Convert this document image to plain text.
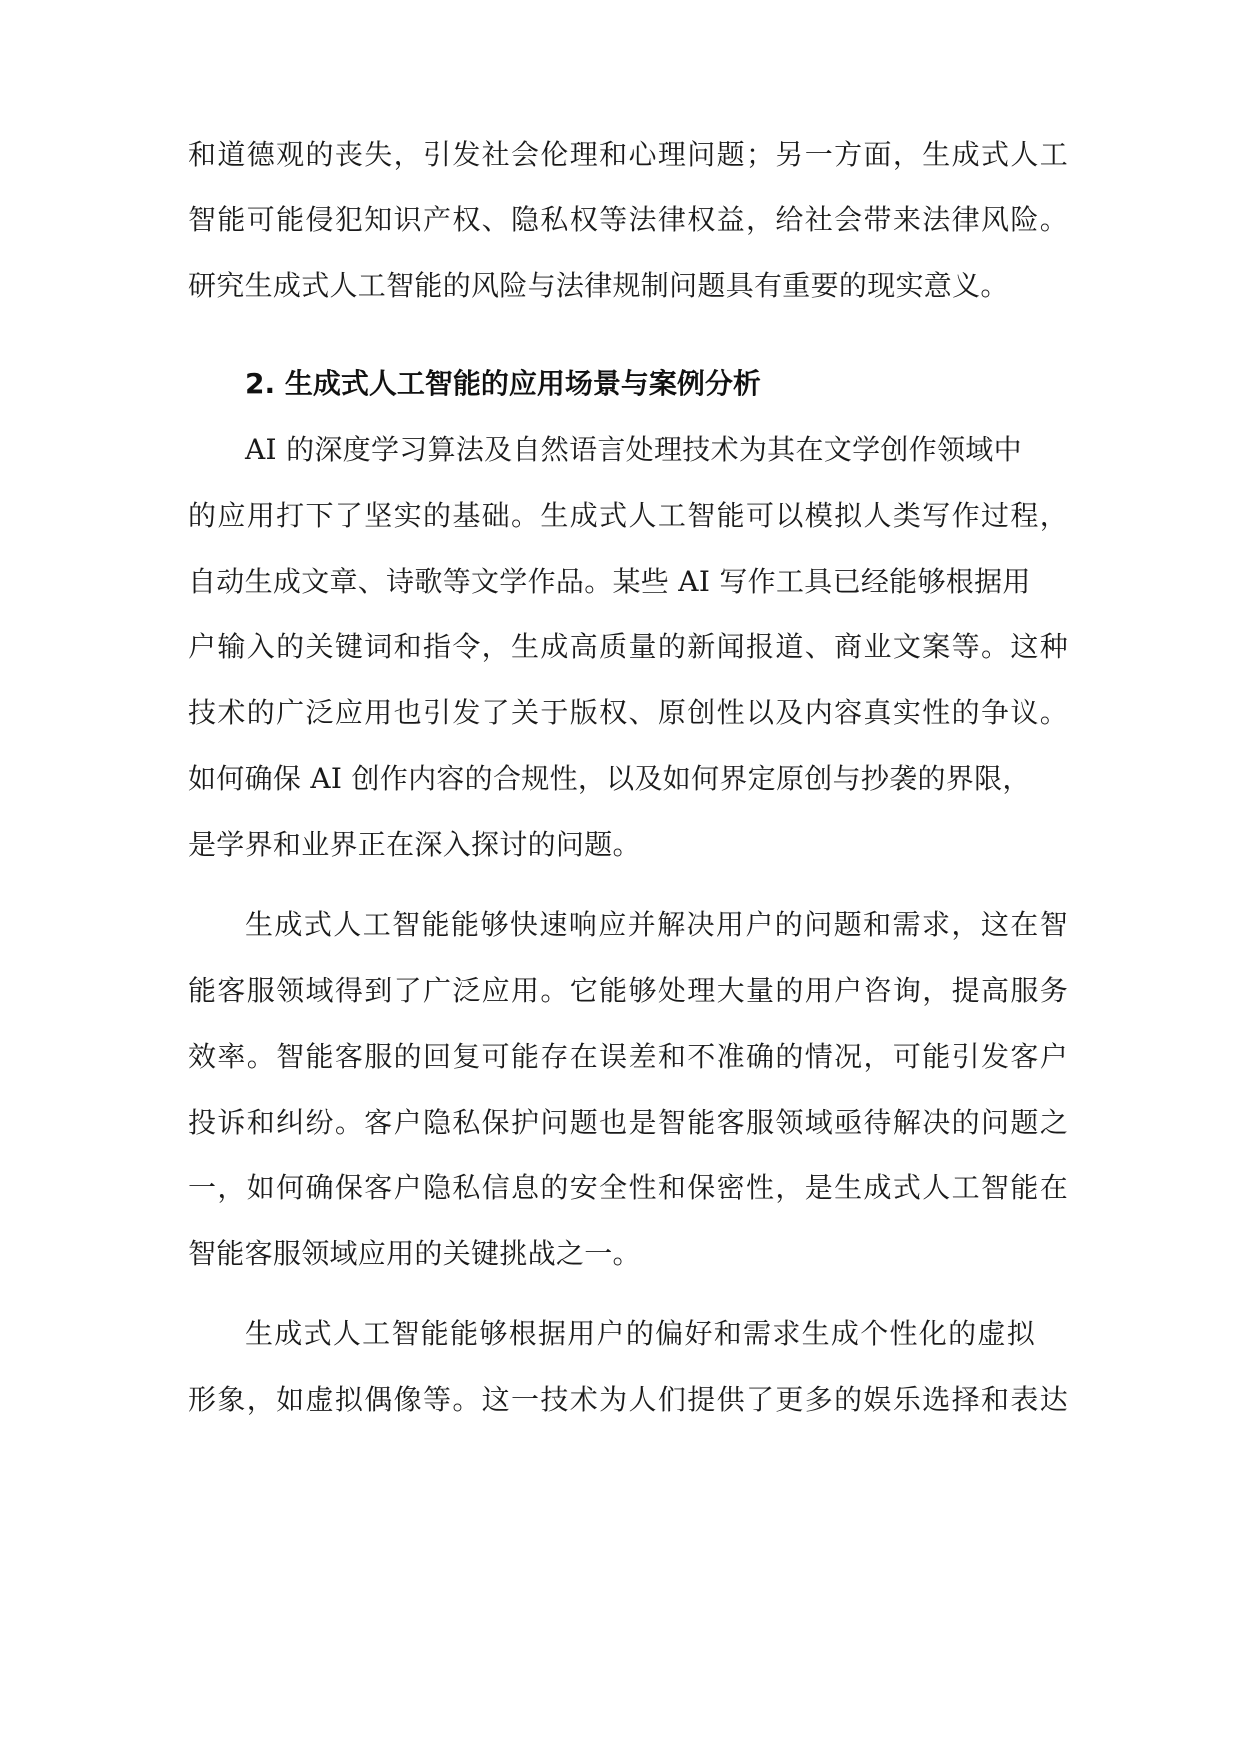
和道德观的丧失，引发社会伦理和心理问题；另一方面，生成式人工
智能可能侵犯知识产权、隐私权等法律权益，给社会带来法律风险。
研究生成式人工智能的风险与法律规制问题具有重要的现实意义。
2. 生成式人工智能的应用场景与案例分析
AI 的深度学习算法及自然语言处理技术为其在文学创作领域中
的应用打下了坚实的基础。生成式人工智能可以模拟人类写作过程，
自动生成文章、诗歌等文学作品。某些 AI 写作工具已经能够根据用
户输入的关键词和指令，生成高质量的新闻报道、商业文案等。这种
技术的广泛应用也引发了关于版权、原创性以及内容真实性的争议。
如何确保 AI 创作内容的合规性，以及如何界定原创与抄袭的界限，
是学界和业界正在深入探讨的问题。
生成式人工智能能够快速响应并解决用户的问题和需求，这在智
能客服领域得到了广泛应用。它能够处理大量的用户咨询，提高服务
效率。智能客服的回复可能存在误差和不准确的情况，可能引发客户
投诉和纠纷。客户隐私保护问题也是智能客服领域亟待解决的问题之
一，如何确保客户隐私信息的安全性和保密性，是生成式人工智能在
智能客服领域应用的关键挑战之一。
生成式人工智能能够根据用户的偏好和需求生成个性化的虚拟
形象，如虚拟偶像等。这一技术为人们提供了更多的娱乐选择和表达
